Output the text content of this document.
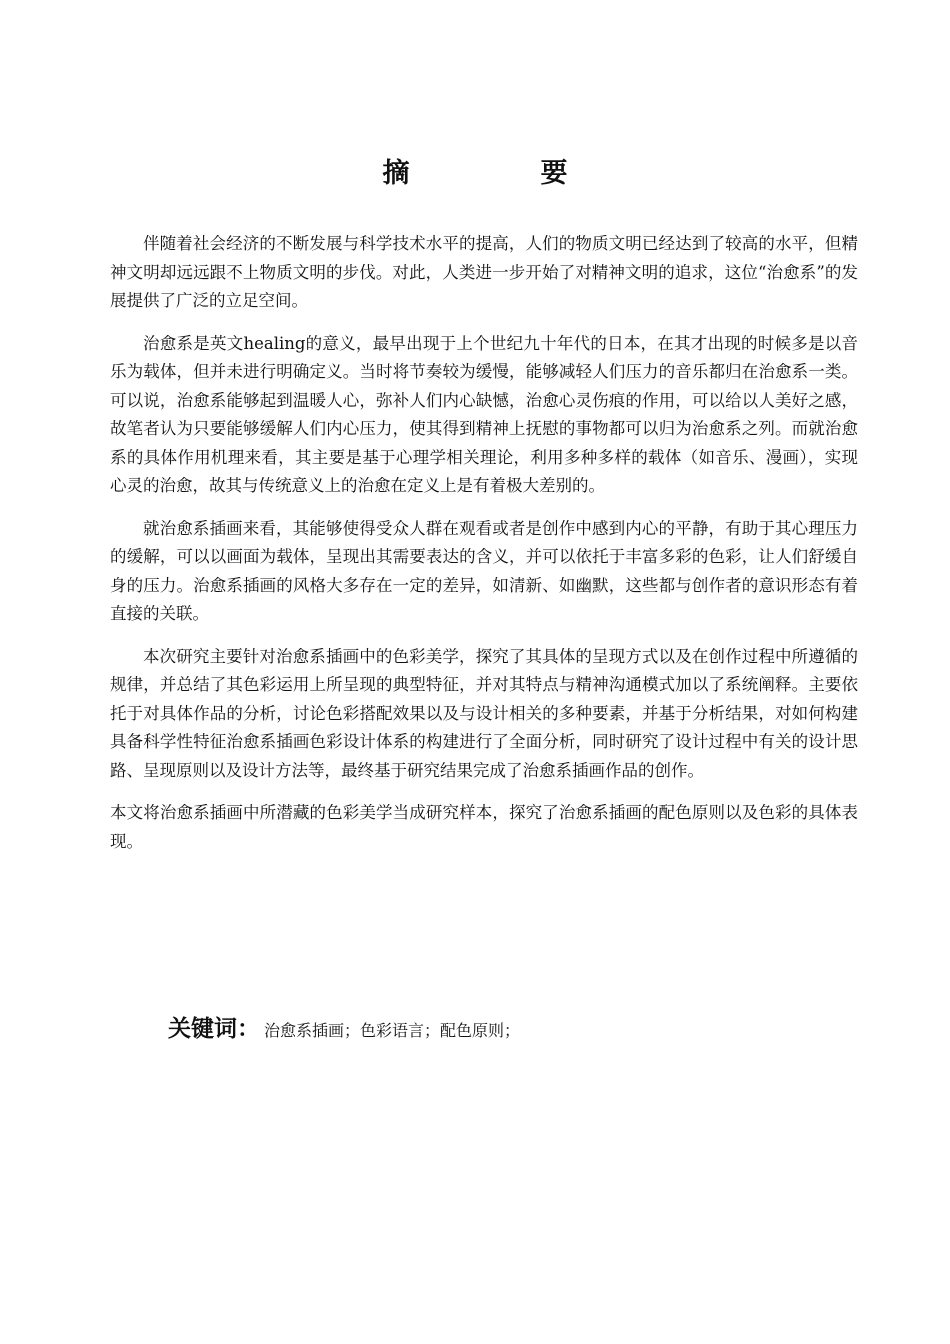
摘　要

伴随着社会经济的不断发展与科学技术水平的提高，人们的物质文明已经达到了较高的水平，但精神文明却远远跟不上物质文明的步伐。对此，人类进一步开始了对精神文明的追求，这位“治愈系”的发展提供了广泛的立足空间。

治愈系是英文healing的意义，最早出现于上个世纪九十年代的日本，在其才出现的时候多是以音乐为载体，但并未进行明确定义。当时将节奏较为缓慢，能够减轻人们压力的音乐都归在治愈系一类。可以说，治愈系能够起到温暖人心，弥补人们内心缺憾，治愈心灵伤痕的作用，可以给以人美好之感，故笔者认为只要能够缓解人们内心压力，使其得到精神上抚慰的事物都可以归为治愈系之列。而就治愈系的具体作用机理来看，其主要是基于心理学相关理论，利用多种多样的载体（如音乐、漫画），实现心灵的治愈，故其与传统意义上的治愈在定义上是有着极大差别的。

就治愈系插画来看，其能够使得受众人群在观看或者是创作中感到内心的平静，有助于其心理压力的缓解，可以以画面为载体，呈现出其需要表达的含义，并可以依托于丰富多彩的色彩，让人们舒缓自身的压力。治愈系插画的风格大多存在一定的差异，如清新、如幽默，这些都与创作者的意识形态有着直接的关联。

本次研究主要针对治愈系插画中的色彩美学，探究了其具体的呈现方式以及在创作过程中所遵循的规律，并总结了其色彩运用上所呈现的典型特征，并对其特点与精神沟通模式加以了系统阐释。主要依托于对具体作品的分析，讨论色彩搭配效果以及与设计相关的多种要素，并基于分析结果，对如何构建具备科学性特征治愈系插画色彩设计体系的构建进行了全面分析，同时研究了设计过程中有关的设计思路、呈现原则以及设计方法等，最终基于研究结果完成了治愈系插画作品的创作。

本文将治愈系插画中所潜藏的色彩美学当成研究样本，探究了治愈系插画的配色原则以及色彩的具体表现。

关键词： 治愈系插画；色彩语言；配色原则；
